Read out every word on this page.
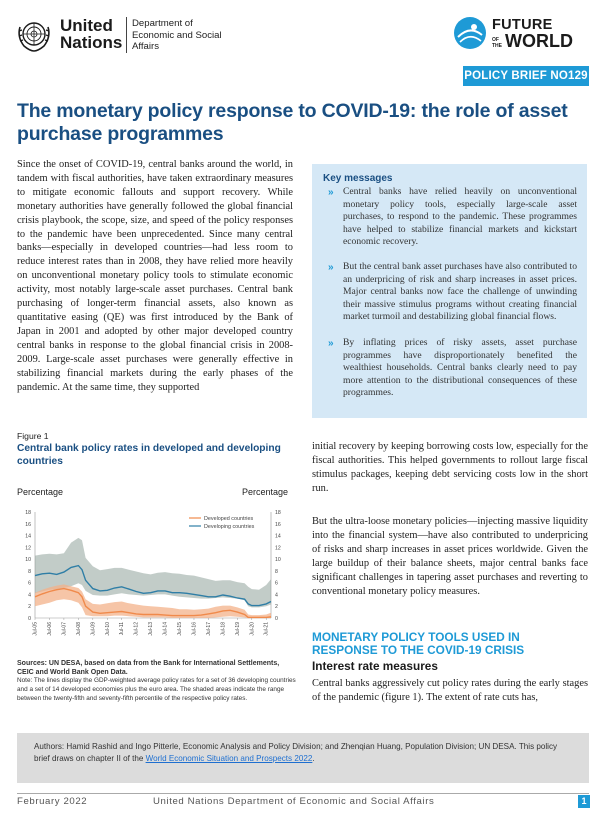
United Nations
Department of Economic and Social Affairs
FUTURE
OF THE WORLD
POLICY BRIEF NO129
The monetary policy response to COVID-19: the role of asset purchase programmes
Since the onset of COVID-19, central banks around the world, in tandem with fiscal authorities, have taken extraordinary measures to mitigate economic fallouts and support recovery. While monetary authorities have generally followed the global financial crisis playbook, the scope, size, and speed of the policy responses to the pandemic have been unprecedented. Since many central banks—especially in developed countries—had less room to reduce interest rates than in 2008, they have relied more heavily on unconventional monetary policy tools to stimulate economic activity, most notably large-scale asset purchases. Central bank purchasing of longer-term financial assets, also known as quantitative easing (QE) was first introduced by the Bank of Japan in 2001 and adopted by other major developed country central banks in response to the global financial crisis in 2008-2009. Large-scale asset purchases were generally effective in stabilizing financial markets during the early phases of the pandemic. At the same time, they supported
Key messages
» Central banks have relied heavily on unconventional monetary policy tools, especially large-scale asset purchases, to respond to the pandemic. These programmes have helped to stabilize financial markets and kickstart economic recovery.
» But the central bank asset purchases have also contributed to an underpricing of risk and sharp increases in asset prices. Major central banks now face the challenge of unwinding their massive stimulus programs without creating financial market turmoil and destabilizing global financial flows.
» By inflating prices of risky assets, asset purchase programmes have disproportionately benefited the wealthiest households. Central banks clearly need to pay more attention to the distributional consequences of these programmes.
Figure 1
Central bank policy rates in developed and developing countries
Percentage	Percentage
0	0
2	2
4	4
6	6
8	8
10	10
12	12
14	14
16	16
18	18
Jul-05 Jul-06 Jul-07 Jul-08 Jul-09 Jul-10 Jul-11 Jul-12 Jul-13 Jul-14 Jul-15 Jul-16 Jul-17 Jul-18 Jul-19 Jul-20 Jul-21
Developed countries
Developing countries
Sources: UN DESA, based on data from the Bank for International Settlements, CEIC and World Bank Open Data.
Note: The lines display the GDP-weighted average policy rates for a set of 36 developing countries and a set of 14 developed economies plus the euro area. The shaded areas indicate the range between the twenty-fifth and seventy-fifth percentile of the respective policy rates.
initial recovery by keeping borrowing costs low, especially for the fiscal authorities. This helped governments to rollout large fiscal stimulus packages, keeping debt servicing costs low in the short run.
But the ultra-loose monetary policies—injecting massive liquidity into the financial system—have also contributed to underpricing of risks and sharp increases in asset prices worldwide. Given the large buildup of their balance sheets, major central banks face significant challenges in tapering asset purchases and reverting to conventional monetary policy measures.
MONETARY POLICY TOOLS USED IN RESPONSE TO THE COVID-19 CRISIS
Interest rate measures
Central banks aggressively cut policy rates during the early stages of the pandemic (figure 1). The extent of rate cuts has,
Authors: Hamid Rashid and Ingo Pitterle, Economic Analysis and Policy Division; and Zhenqian Huang, Population Division; UN DESA. This policy brief draws on chapter II of the World Economic Situation and Prospects 2022.
February 2022	United Nations Department of Economic and Social Affairs	1
